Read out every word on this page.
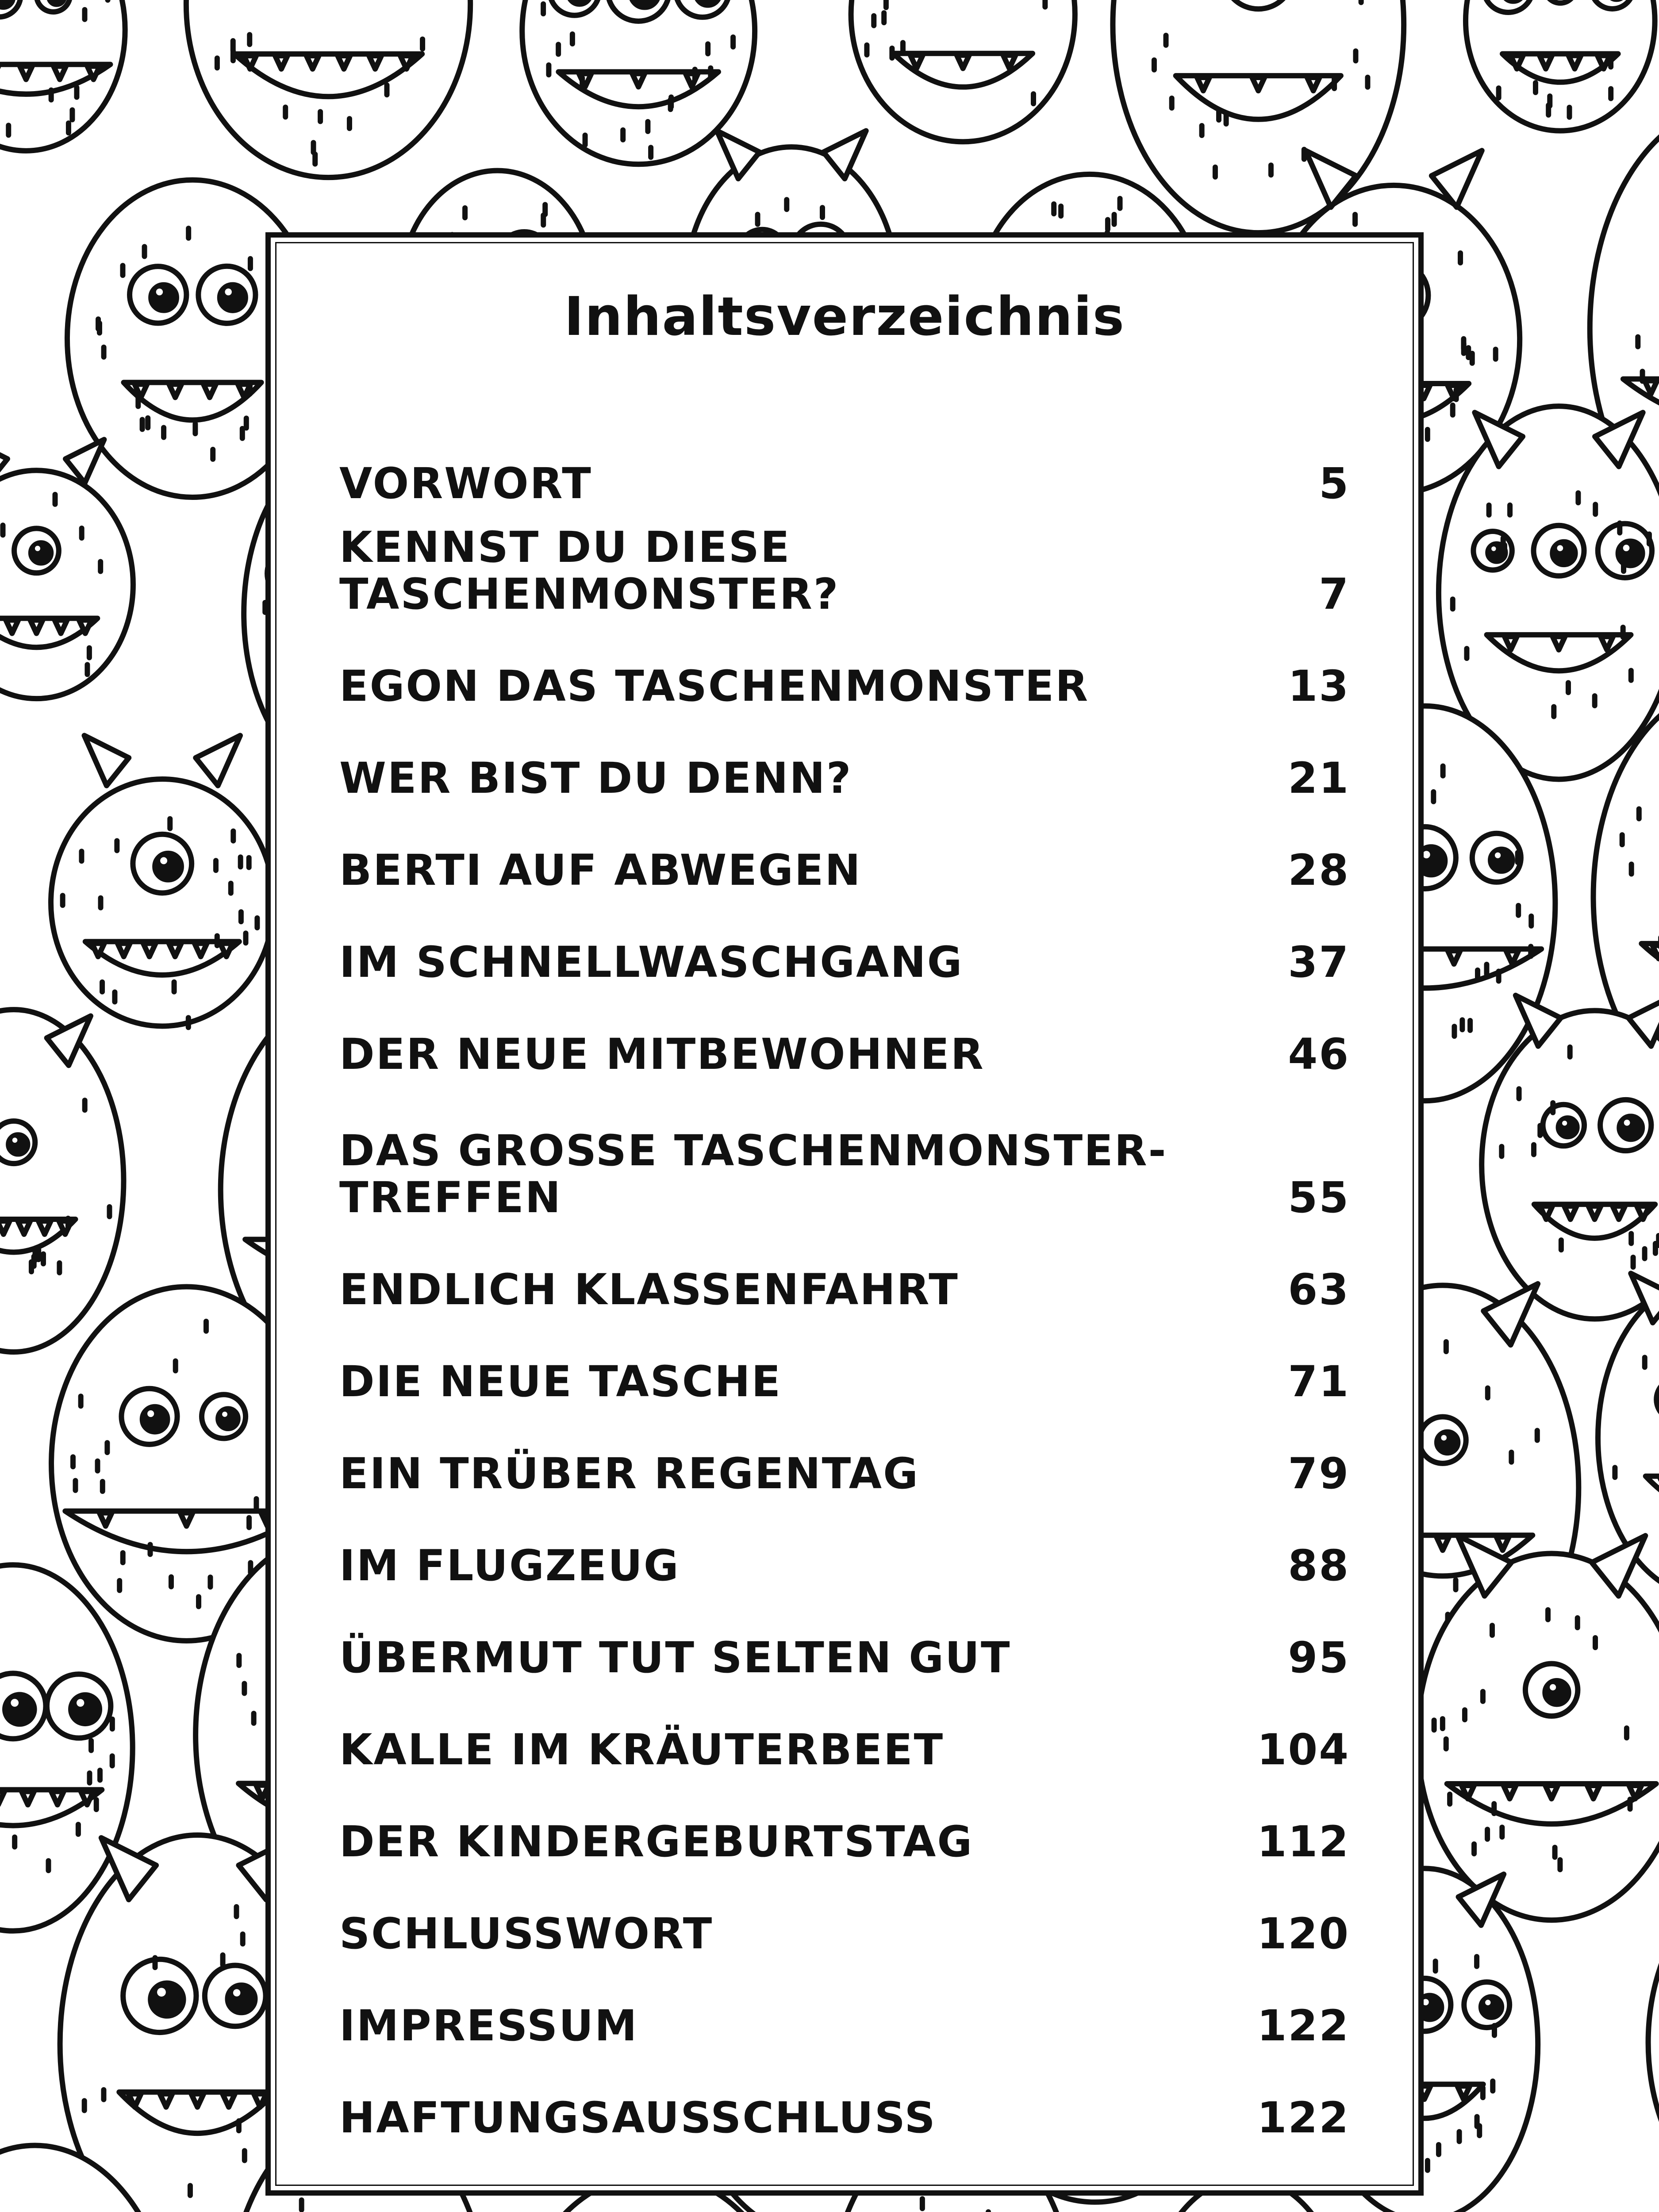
Inhaltsverzeichnis
VORWORT	5
KENNST DU DIESE TASCHENMONSTER?	7
EGON DAS TASCHENMONSTER	13
WER BIST DU DENN?	21
BERTI AUF ABWEGEN	28
IM SCHNELLWASCHGANG	37
DER NEUE MITBEWOHNER	46
DAS GROSSE TASCHENMONSTER-TREFFEN	55
ENDLICH KLASSENFAHRT	63
DIE NEUE TASCHE	71
EIN TRÜBER REGENTAG	79
IM FLUGZEUG	88
ÜBERMUT TUT SELTEN GUT	95
KALLE IM KRÄUTERBEET	104
DER KINDERGEBURTSTAG	112
SCHLUSSWORT	120
IMPRESSUM	122
HAFTUNGSAUSSCHLUSS	122
